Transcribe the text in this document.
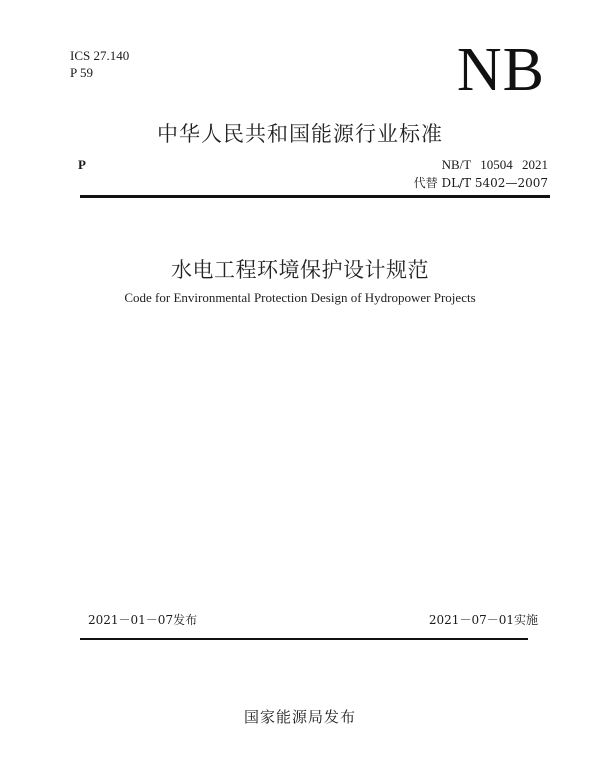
ICS 27.140
P 59	NB
中华人民共和国能源行业标准
P	NB/T 10504 2021
代替 DL/T 5402—2007
水电工程环境保护设计规范
Code for Environmental Protection Design of Hydropower Projects
2021－01－07发布	2021－07－01实施
国家能源局发布
